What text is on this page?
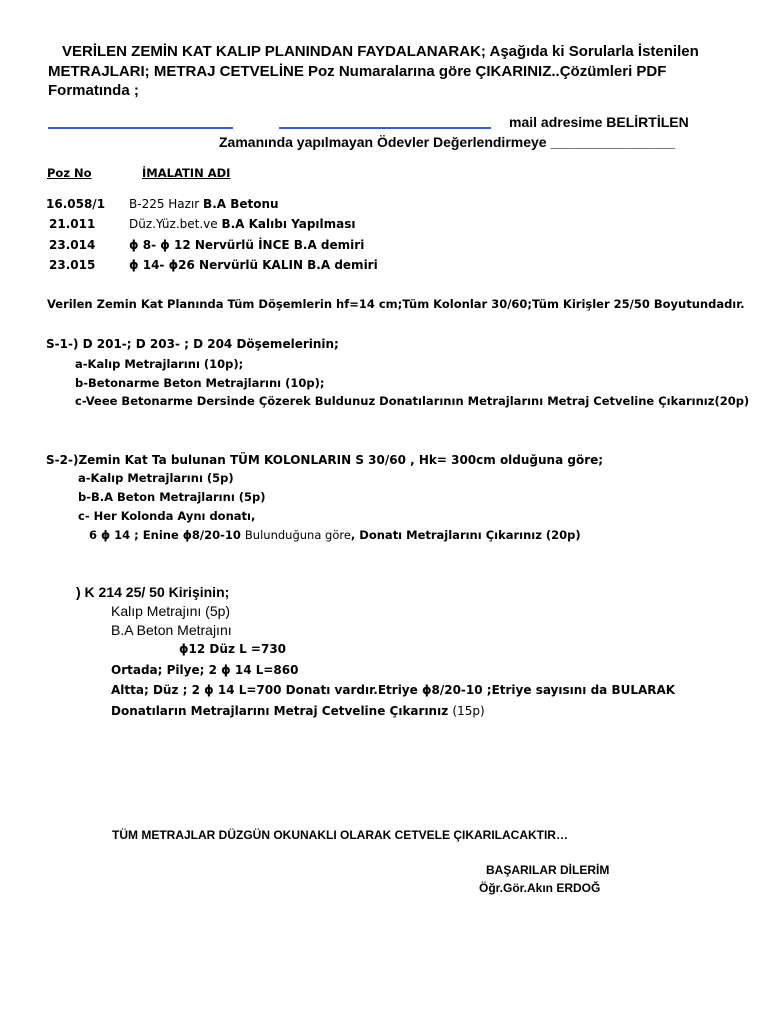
VERİLEN ZEMİN KAT KALIP PLANINDAN FAYDALANARAK; Aşağıda ki Sorularla İstenilen
METRAJLARI; METRAJ CETVELİNE Poz Numaralarına göre ÇIKARINIZ..Çözümleri PDF
Formatında ;
mail adresime BELİRTİLEN
Zamanında yapılmayan Ödevler Değerlendirmeye ________________
Poz No	İMALATIN ADI
16.058/1 B-225 Hazır B.A Betonu
21.011	Düz.Yüz.bet.ve B.A Kalıbı Yapılması
23.014	ϕ 8- ϕ 12 Nervürlü İNCE B.A demiri
23.015	ϕ 14- ϕ26 Nervürlü KALIN B.A demiri
Verilen Zemin Kat Planında Tüm Döşemlerin hf=14 cm;Tüm Kolonlar 30/60;Tüm Kirişler 25/50 Boyutundadır.
S-1-) D 201-; D 203- ; D 204 Döşemelerinin;
a-Kalıp Metrajlarını (10p);
b-Betonarme Beton Metrajlarını (10p);
c-Veee Betonarme Dersinde Çözerek Buldunuz Donatılarının Metrajlarını Metraj Cetveline Çıkarınız(20p)
S-2-)Zemin Kat Ta bulunan TÜM KOLONLARIN S 30/60 , Hk= 300cm olduğuna göre;
a-Kalıp Metrajlarını (5p)
b-B.A Beton Metrajlarını (5p)
c- Her Kolonda Aynı donatı,
6 ϕ 14 ; Enine ϕ8/20-10 Bulunduğuna göre, Donatı Metrajlarını Çıkarınız (20p)
) K 214 25/ 50 Kirişinin;
Kalıp Metrajını (5p)
B.A Beton Metrajını
ϕ12 Düz L =730
Ortada; Pilye; 2 ϕ 14 L=860
Altta; Düz ; 2 ϕ 14 L=700 Donatı vardır.Etriye ϕ8/20-10 ;Etriye sayısını da BULARAK
Donatıların Metrajlarını Metraj Cetveline Çıkarınız (15p)
TÜM METRAJLAR DÜZGÜN OKUNAKLI OLARAK CETVELE ÇIKARILACAKTIR…
BAŞARILAR DİLERİM
Öğr.Gör.Akın ERDOĞ
